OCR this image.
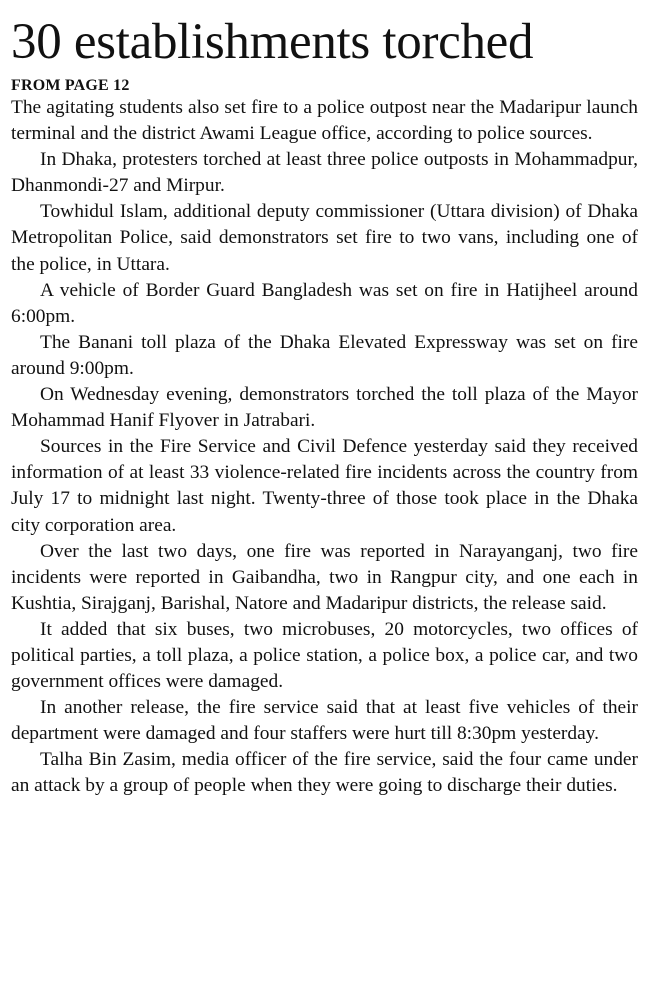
30 establishments torched
FROM PAGE 12

The agitating students also set fire to a police outpost near the Madaripur launch terminal and the district Awami League office, according to police sources.

In Dhaka, protesters torched at least three police outposts in Mohammadpur, Dhanmondi-27 and Mirpur.

Towhidul Islam, additional deputy commissioner (Uttara division) of Dhaka Metropolitan Police, said demonstrators set fire to two vans, including one of the police, in Uttara.

A vehicle of Border Guard Bangladesh was set on fire in Hatijheel around 6:00pm.

The Banani toll plaza of the Dhaka Elevated Expressway was set on fire around 9:00pm.

On Wednesday evening, demonstrators torched the toll plaza of the Mayor Mohammad Hanif Flyover in Jatrabari.

Sources in the Fire Service and Civil Defence yesterday said they received information of at least 33 violence-related fire incidents across the country from July 17 to midnight last night. Twenty-three of those took place in the Dhaka city corporation area.

Over the last two days, one fire was reported in Narayanganj, two fire incidents were reported in Gaibandha, two in Rangpur city, and one each in Kushtia, Sirajganj, Barishal, Natore and Madaripur districts, the release said.

It added that six buses, two microbuses, 20 motorcycles, two offices of political parties, a toll plaza, a police station, a police box, a police car, and two government offices were damaged.

In another release, the fire service said that at least five vehicles of their department were damaged and four staffers were hurt till 8:30pm yesterday.

Talha Bin Zasim, media officer of the fire service, said the four came under an attack by a group of people when they were going to discharge their duties.
